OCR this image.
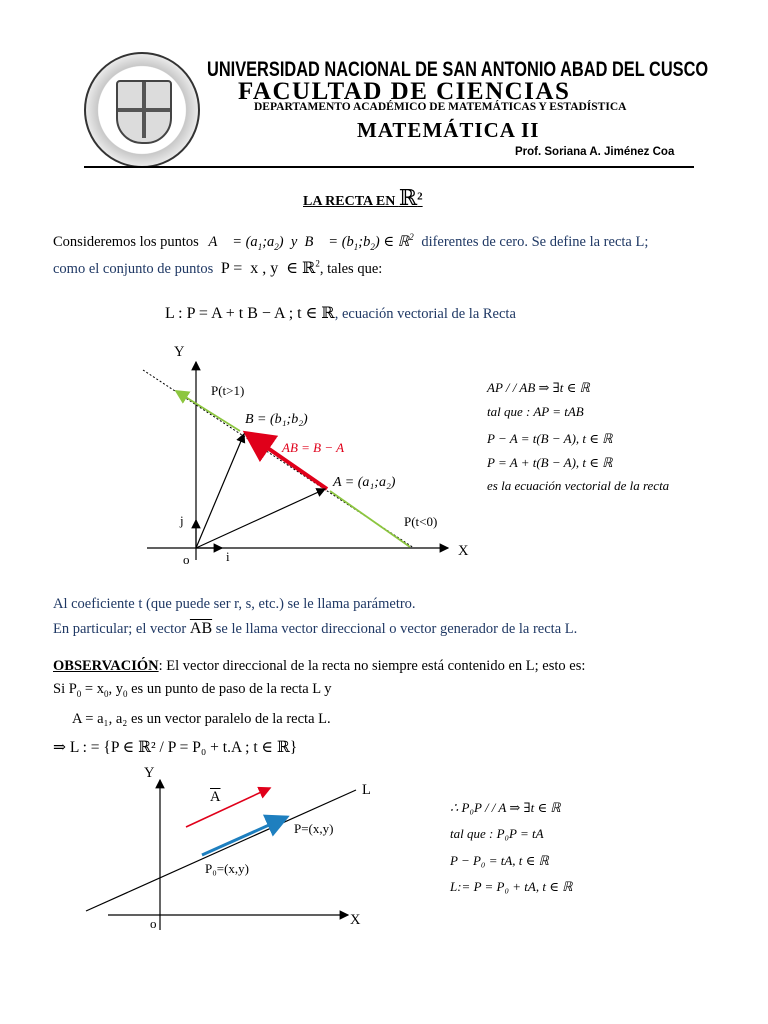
UNIVERSIDAD NACIONAL DE SAN ANTONIO ABAD DEL CUSCO
FACULTAD DE CIENCIAS
DEPARTAMENTO ACADÉMICO DE MATEMÁTICAS Y ESTADÍSTICA
MATEMÁTICA II
Prof. Soriana A. Jiménez Coa
LA RECTA EN ℝ$^2$
Consideremos los puntos A⃗ = $(a_1;a_2)$  y  B⃗ = $(b_1;b_2)$ ∈ ℝ$^2$ diferentes de cero. Se define la recta L;
como el conjunto de puntos  P =  x , y  ∈ ℝ$^2$, tales que:
L : P = A + t B − A ; t ∈ ℝ, ecuación vectorial de la Recta
Y
X
o	i
j
P(t>1)
P(t<0)
B = (b₁;b₂)
AB = B − A
A = (a₁;a₂)
AP / / AB ⇒ ∃t ∈ ℝ
tal que : AP = tAB
P − A = t(B − A), t ∈ ℝ
P = A + t(B − A), t ∈ ℝ
es la ecuación vectorial de la recta
Al coeficiente t (que puede ser r, s, etc.) se le llama parámetro.
En particular; el vector $\overline{AB}$ se le llama vector direccional o vector generador de la recta L.
OBSERVACIÓN: El vector direccional de la recta no siempre está contenido en L; esto es:
Si $P_0 = x_0$, $y_0$ es un punto de paso de la recta L y
A = a₁, a₂ es un vector paralelo de la recta L.
⇒ L : = {P ∈ ℝ² / P = P₀ + t.A ; t ∈ ℝ}
Y
X
o
L
$\overline{A}$
P=(x,y)
P₀=(x,y)
∴ P₀P / / A ⇒ ∃t ∈ ℝ
tal que : P₀P = tA
P − P₀ = tA, t ∈ ℝ
L:= P = P₀ + tA, t ∈ ℝ
